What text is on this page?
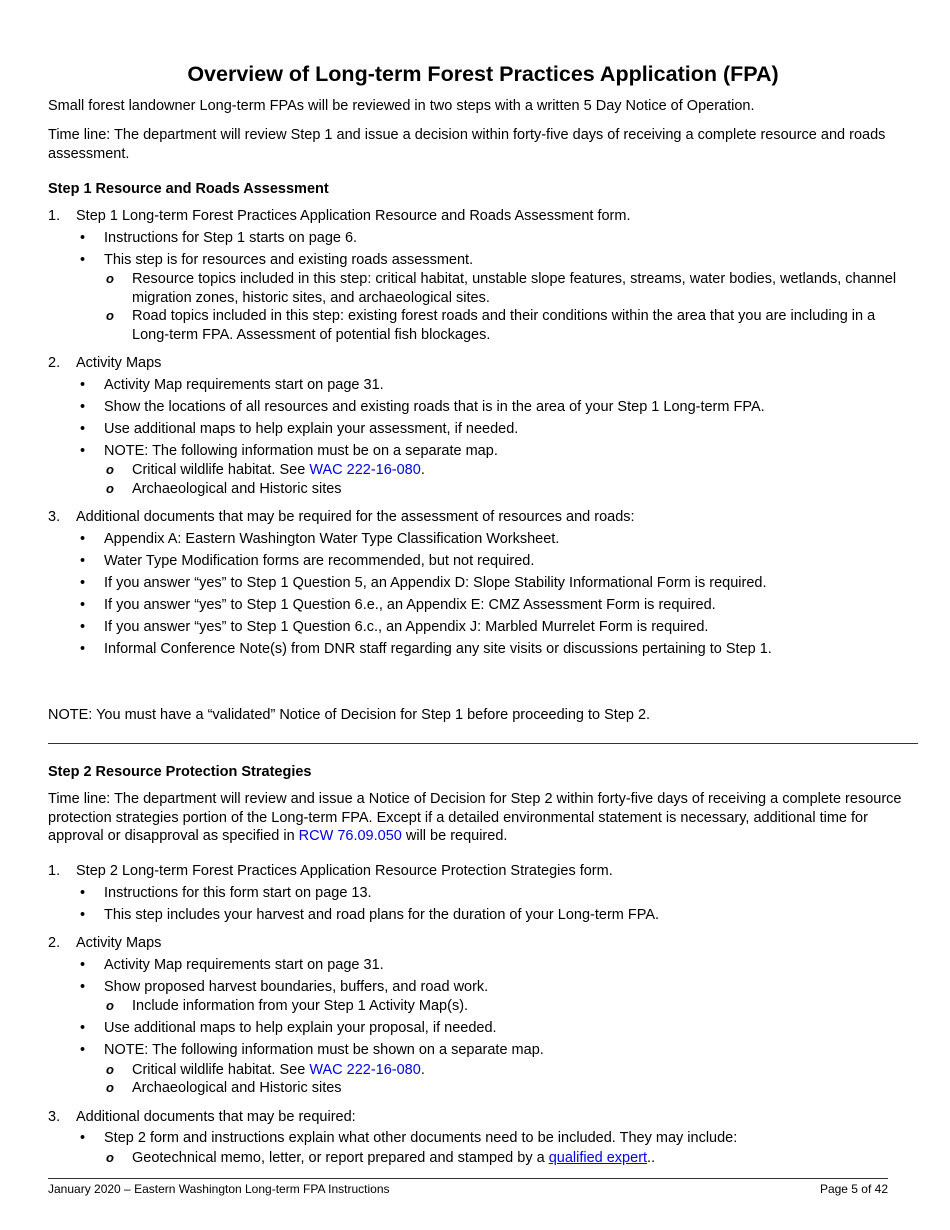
Overview of Long-term Forest Practices Application (FPA)

Small forest landowner Long-term FPAs will be reviewed in two steps with a written 5 Day Notice of Operation.

Time line: The department will review Step 1 and issue a decision within forty-five days of receiving a complete resource and roads assessment.

Step 1 Resource and Roads Assessment
1. Step 1 Long-term Forest Practices Application Resource and Roads Assessment form.
• Instructions for Step 1 starts on page 6.
• This step is for resources and existing roads assessment.
o Resource topics included in this step: critical habitat, unstable slope features, streams, water bodies, wetlands, channel migration zones, historic sites, and archaeological sites.
o Road topics included in this step: existing forest roads and their conditions within the area that you are including in a Long-term FPA. Assessment of potential fish blockages.
2. Activity Maps
• Activity Map requirements start on page 31.
• Show the locations of all resources and existing roads that is in the area of your Step 1 Long-term FPA.
• Use additional maps to help explain your assessment, if needed.
• NOTE: The following information must be on a separate map.
o Critical wildlife habitat. See WAC 222-16-080.
o Archaeological and Historic sites
3. Additional documents that may be required for the assessment of resources and roads:
• Appendix A: Eastern Washington Water Type Classification Worksheet.
• Water Type Modification forms are recommended, but not required.
• If you answer “yes” to Step 1 Question 5, an Appendix D: Slope Stability Informational Form is required.
• If you answer “yes” to Step 1 Question 6.e., an Appendix E: CMZ Assessment Form is required.
• If you answer “yes” to Step 1 Question 6.c., an Appendix J: Marbled Murrelet Form is required.
• Informal Conference Note(s) from DNR staff regarding any site visits or discussions pertaining to Step 1.

NOTE: You must have a “validated” Notice of Decision for Step 1 before proceeding to Step 2.

Step 2 Resource Protection Strategies

Time line: The department will review and issue a Notice of Decision for Step 2 within forty-five days of receiving a complete resource protection strategies portion of the Long-term FPA. Except if a detailed environmental statement is necessary, additional time for approval or disapproval as specified in RCW 76.09.050 will be required.

1. Step 2 Long-term Forest Practices Application Resource Protection Strategies form.
• Instructions for this form start on page 13.
• This step includes your harvest and road plans for the duration of your Long-term FPA.
2. Activity Maps
• Activity Map requirements start on page 31.
• Show proposed harvest boundaries, buffers, and road work.
o Include information from your Step 1 Activity Map(s).
• Use additional maps to help explain your proposal, if needed.
• NOTE: The following information must be shown on a separate map.
o Critical wildlife habitat. See WAC 222-16-080.
o Archaeological and Historic sites
3. Additional documents that may be required:
• Step 2 form and instructions explain what other documents need to be included. They may include:
o Geotechnical memo, letter, or report prepared and stamped by a qualified expert..
January 2020 – Eastern Washington Long-term FPA Instructions	Page 5 of 42
